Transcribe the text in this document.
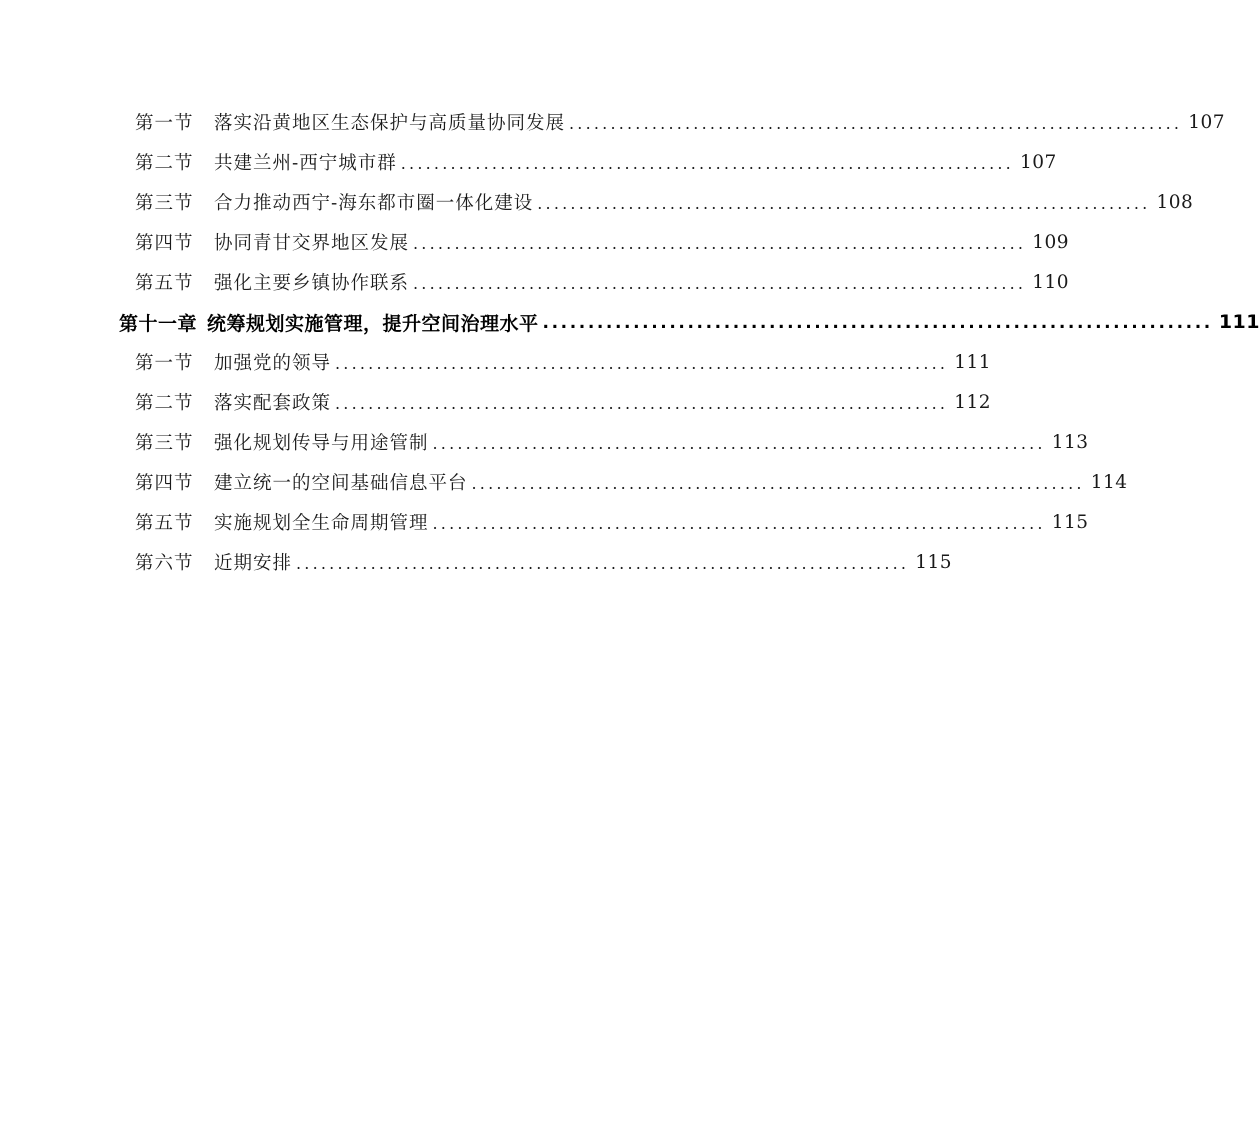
第一节	落实沿黄地区生态保护与高质量协同发展 .......................................................................... 107
第二节	共建兰州-西宁城市群 .......................................................................... 107
第三节	合力推动西宁-海东都市圈一体化建设 .......................................................................... 108
第四节	协同青甘交界地区发展 .......................................................................... 109
第五节	强化主要乡镇协作联系 .......................................................................... 110
第十一章 统筹规划实施管理，提升空间治理水平 .......................................................................... 111
第一节	加强党的领导 .......................................................................... 111
第二节	落实配套政策 .......................................................................... 112
第三节	强化规划传导与用途管制 .......................................................................... 113
第四节	建立统一的空间基础信息平台 .......................................................................... 114
第五节	实施规划全生命周期管理 .......................................................................... 115
第六节	近期安排 .......................................................................... 115
